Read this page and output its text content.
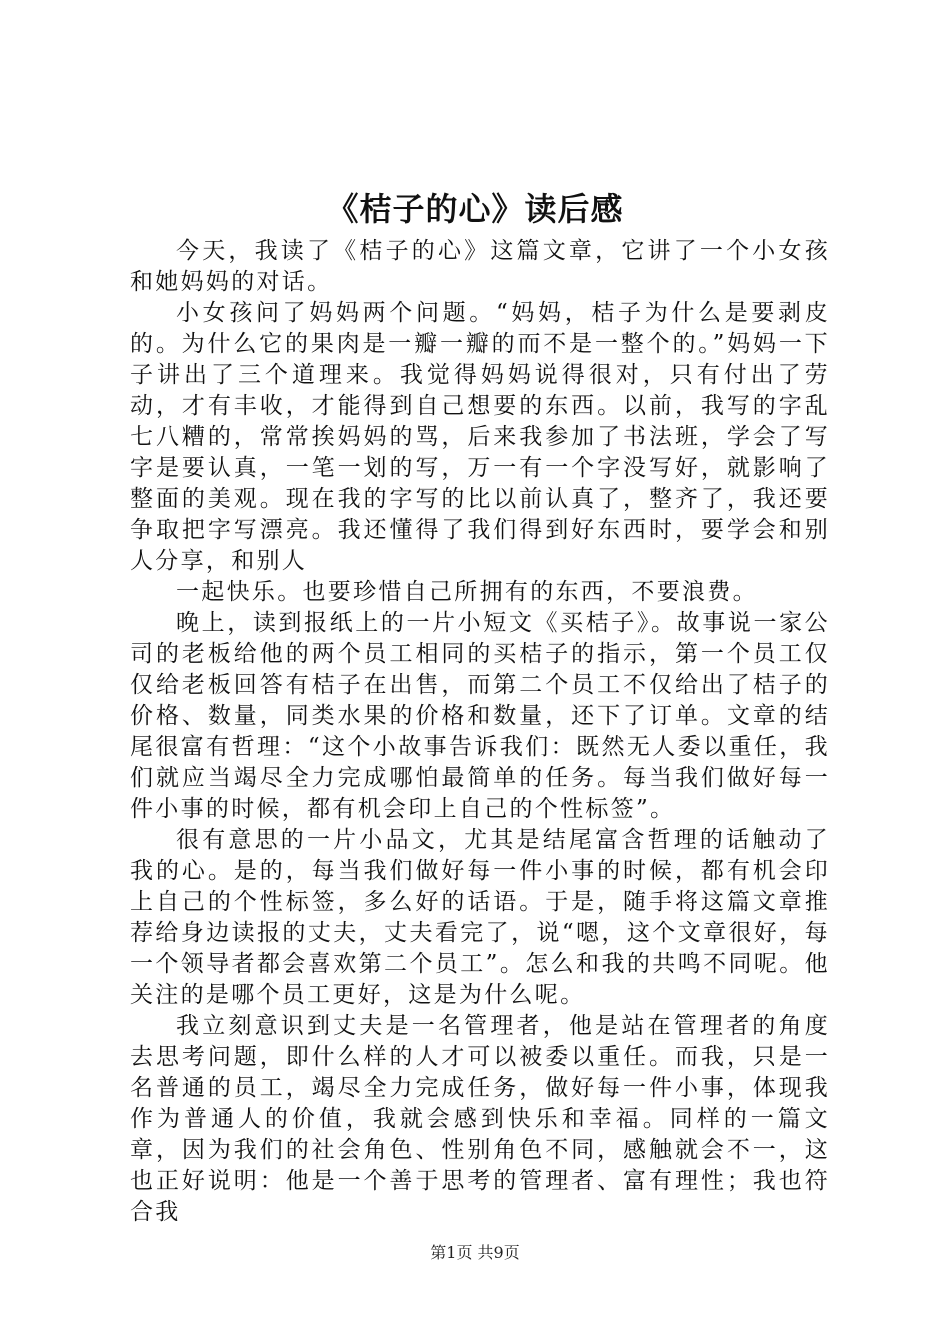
《桔子的心》读后感

今天，我读了《桔子的心》这篇文章，它讲了一个小女孩和她妈妈的对话。

小女孩问了妈妈两个问题。“妈妈，桔子为什么是要剥皮的。为什么它的果肉是一瓣一瓣的而不是一整个的。”妈妈一下子讲出了三个道理来。我觉得妈妈说得很对，只有付出了劳动，才有丰收，才能得到自己想要的东西。以前，我写的字乱七八糟的，常常挨妈妈的骂，后来我参加了书法班，学会了写字是要认真，一笔一划的写，万一有一个字没写好，就影响了整面的美观。现在我的字写的比以前认真了，整齐了，我还要争取把字写漂亮。我还懂得了我们得到好东西时，要学会和别人分享，和别人

一起快乐。也要珍惜自己所拥有的东西，不要浪费。

晚上，读到报纸上的一片小短文《买桔子》。故事说一家公司的老板给他的两个员工相同的买桔子的指示，第一个员工仅仅给老板回答有桔子在出售，而第二个员工不仅给出了桔子的价格、数量，同类水果的价格和数量，还下了订单。文章的结尾很富有哲理：“这个小故事告诉我们：既然无人委以重任，我们就应当竭尽全力完成哪怕最简单的任务。每当我们做好每一件小事的时候，都有机会印上自己的个性标签”。

很有意思的一片小品文，尤其是结尾富含哲理的话触动了我的心。是的，每当我们做好每一件小事的时候，都有机会印上自己的个性标签，多么好的话语。于是，随手将这篇文章推荐给身边读报的丈夫，丈夫看完了，说“嗯，这个文章很好，每一个领导者都会喜欢第二个员工”。怎么和我的共鸣不同呢。他关注的是哪个员工更好，这是为什么呢。

我立刻意识到丈夫是一名管理者，他是站在管理者的角度去思考问题，即什么样的人才可以被委以重任。而我，只是一名普通的员工，竭尽全力完成任务，做好每一件小事，体现我作为普通人的价值，我就会感到快乐和幸福。同样的一篇文章，因为我们的社会角色、性别角色不同，感触就会不一，这也正好说明：他是一个善于思考的管理者、富有理性；我也符合我

第1页 共9页
